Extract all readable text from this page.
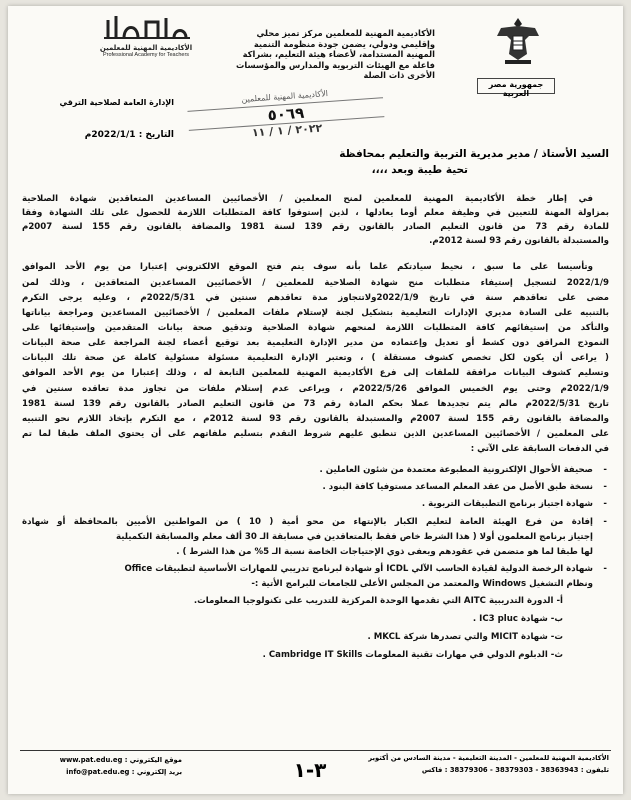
جمهورية مصر العربية
الأكاديمية المهنية للمعلمين مركز تميز محلي وإقليمي ودولي، يضمن جودة منظومة التنمية المهنية المستدامة، لأعضاء هيئة التعليم، بشراكة فاعلة مع الهيئات التربوية والمدارس والمؤسسات الأخرى ذات الصلة
الأكاديمية المهنية للمعلمين
Professional Academy for Teachers
الإدارة العامة لصلاحية الترقي
التاريخ : 2022/1/1م
الأكاديمية المهنية للمعلمين
٥٠٦٩
٢٠٢٢ / ١ / ١١
السيد الأستاذ / مدير مديرية التربية والتعليم بمحافظة
تحية طيبة وبعد ،،،،
في إطار خطة الأكاديمية المهنية للمعلمين لمنح المعلمين / الأخصائيين المساعدين المتعاقدين شهادة الصلاحية
بمزاولة المهنة للتعيين في وظيفة معلم أوما يعادلها ، لذين إستوفوا كافة المتطلبات اللازمة للحصول على تلك الشهادة وفقا
للمادة رقم 73 من قانون التعليم الصادر بالقانون رقم 139 لسنة 1981 والمضافة بالقانون رقم 155 لسنة 2007م
والمستبدلة بالقانون رقم 93 لسنة 2012م.
وتأسيسا على ما سبق ، نحيط سيادتكم علما بأنه سوف يتم فتح الموقع الالكتروني إعتبارا من يوم الأحد الموافق
2022/1/9 لتسجيل إستيفاء متطلبات منح شهادة الصلاحية للمعلمين / الأخصائيين المساعدين المتعاقدين ، وذلك لمن
مضى على تعاقدهم سنة في تاريخ 2022/1/9ولاتتجاوز مدة تعاقدهم سنتين في 2022/5/31م ، وعليه يرجى التكرم
بالتنبيه على السادة مديري الإدارات التعليمية بتشكيل لجنة لإستلام ملفات المعلمين / الأخصائيين المساعدين ومراجعة بياناتها
والتأكد من إستيفائهم كافة المتطلبات اللازمة لمنحهم شهادة الصلاحية وتدقيق صحة بيانات المتقدمين وإستيفائها على
النموذج المرافق دون كشط أو تعديل وإعتماده من مدير الإدارة التعليمية بعد توقيع أعضاء لجنة المراجعة على صحة البيانات
( يراعى أن يكون لكل تخصص كشوف مستقلة ) ، وتعتبر الإدارة التعليمية مسئولة مسئولية كاملة عن صحة تلك البيانات
وتسليم كشوف البيانات مرافقة للملفات إلى فرع الأكاديمية المهنية للمعلمين التابعة له ، وذلك إعتبارا من يوم الأحد الموافق
2022/1/9م وحتى يوم الخميس الموافق 2022/5/26م ، ويراعى عدم إستلام ملفات من تجاوز مدة تعاقده سنتين في
تاريخ 2022/5/31م مالم يتم تجديدها عملا بحكم المادة رقم 73 من قانون التعليم الصادر بالقانون رقم 139 لسنة 1981
والمضافة بالقانون رقم 155 لسنة 2007م والمستبدلة بالقانون رقم 93 لسنة 2012م ، مع التكرم بإتخاذ اللازم نحو التنبيه
على المعلمين / الأخصائيين المساعدين الذين تنطبق عليهم شروط التقدم بتسليم ملفاتهم على أن يحتوي الملف طبقا لما تم
في الدفعات السابقة على الآتي :
-
صحيفة الأحوال الإلكترونية المطبوعة معتمدة من شئون العاملين .
-
نسخة طبق الأصل من عقد المعلم المساعد مستوفيا كافة البنود .
-
شهادة اجتياز برنامج التطبيقات التربوية .
-
إفادة من فرع الهيئة العامة لتعليم الكبار بالإنتهاء من محو أمية ( 10 ) من المواطنين الأميين بالمحافظة أو شهادة
إجتياز برنامج المعلمون أولا ( هذا الشرط خاص فقط بالمتعاقدين في مسابقة الـ 30 ألف معلم والمسابقة التكميلية
لها طبقا لما هو متضمن في عقودهم ويعفى ذوي الإحتياجات الخاصة نسبة الـ 5% من هذا الشرط ) .
-
شهادة الرخصة الدولية لقيادة الحاسب الآلي ICDL أو شهادة لبرنامج تدريبي للمهارات الأساسية لتطبيقات Office
ونظام التشغيل Windows والمعتمد من المجلس الأعلى للجامعات للبرامج الأتية :-
أ- الدورة التدريبية AITC التي تقدمها الوحدة المركزية للتدريب على تكنولوجيا المعلومات.
ب- شهادة IC3 pluc .
ت- شهادة MICIT والتي تصدرها شركة MKCL .
ث- الدبلوم الدولي في مهارات تقنية المعلومات Cambridge IT Skills .
الأكاديمية المهنية للمعلمين - المدينة التعليمية - مدينة السادس من أكتوبر
تليفون : 38363943 - 38379303 - 38379306 : فاكس
٣-١
موقع اليكتروني : www.pat.edu.eg
بريد إلكتروني : info@pat.edu.eg
